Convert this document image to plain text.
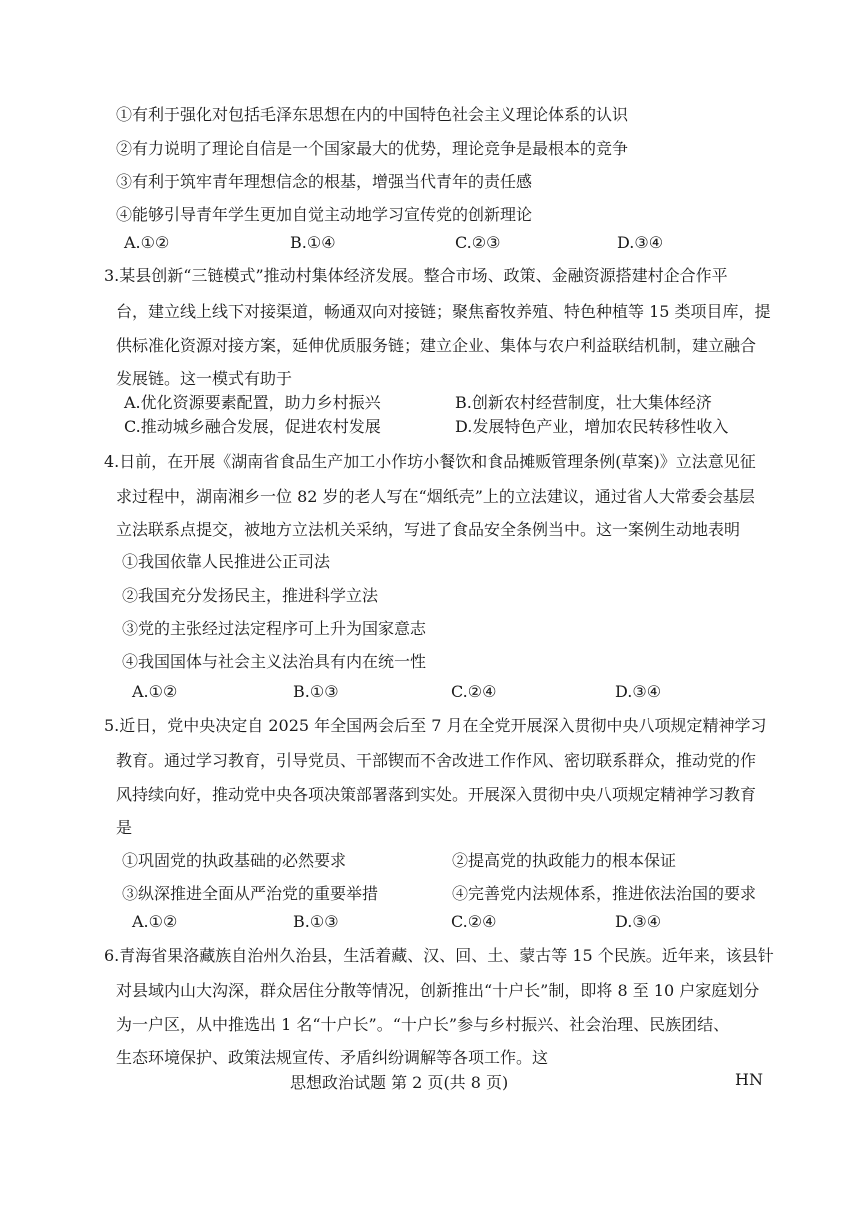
①有利于强化对包括毛泽东思想在内的中国特色社会主义理论体系的认识
②有力说明了理论自信是一个国家最大的优势，理论竞争是最根本的竞争
③有利于筑牢青年理想信念的根基，增强当代青年的责任感
④能够引导青年学生更加自觉主动地学习宣传党的创新理论
A.①②	B.①④	C.②③	D.③④
3.某县创新“三链模式”推动村集体经济发展。整合市场、政策、金融资源搭建村企合作平
台，建立线上线下对接渠道，畅通双向对接链；聚焦畜牧养殖、特色种植等 15 类项目库，提
供标准化资源对接方案，延伸优质服务链；建立企业、集体与农户利益联结机制，建立融合
发展链。这一模式有助于
A.优化资源要素配置，助力乡村振兴	B.创新农村经营制度，壮大集体经济
C.推动城乡融合发展，促进农村发展	D.发展特色产业，增加农民转移性收入
4.日前，在开展《湖南省食品生产加工小作坊小餐饮和食品摊贩管理条例(草案)》立法意见征
求过程中，湖南湘乡一位 82 岁的老人写在“烟纸壳”上的立法建议，通过省人大常委会基层
立法联系点提交，被地方立法机关采纳，写进了食品安全条例当中。这一案例生动地表明
①我国依靠人民推进公正司法
②我国充分发扬民主，推进科学立法
③党的主张经过法定程序可上升为国家意志
④我国国体与社会主义法治具有内在统一性
A.①②	B.①③	C.②④	D.③④
5.近日，党中央决定自 2025 年全国两会后至 7 月在全党开展深入贯彻中央八项规定精神学习
教育。通过学习教育，引导党员、干部锲而不舍改进工作作风、密切联系群众，推动党的作
风持续向好，推动党中央各项决策部署落到实处。开展深入贯彻中央八项规定精神学习教育
是
①巩固党的执政基础的必然要求	②提高党的执政能力的根本保证
③纵深推进全面从严治党的重要举措	④完善党内法规体系，推进依法治国的要求
A.①②	B.①③	C.②④	D.③④
6.青海省果洛藏族自治州久治县，生活着藏、汉、回、土、蒙古等 15 个民族。近年来，该县针
对县域内山大沟深，群众居住分散等情况，创新推出“十户长”制，即将 8 至 10 户家庭划分
为一户区，从中推选出 1 名“十户长”。“十户长”参与乡村振兴、社会治理、民族团结、
生态环境保护、政策法规宣传、矛盾纠纷调解等各项工作。这
思想政治试题 第 2 页(共 8 页)	HN
